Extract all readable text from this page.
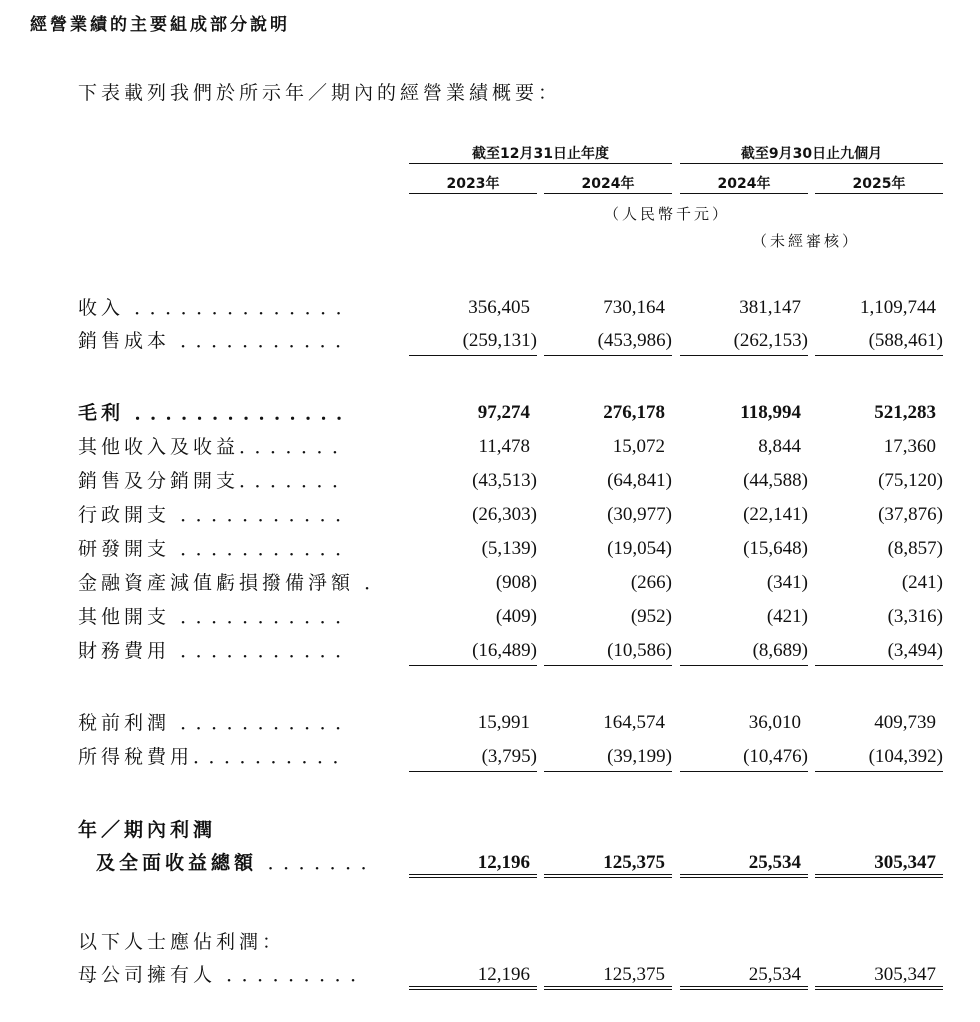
經營業績的主要組成部分說明
下表載列我們於所示年／期內的經營業績概要：
截至12月31日止年度	截至9月30日止九個月
2023年	2024年	2024年	2025年
（人民幣千元）
（未經審核）
收入 ．．．．．．．．．．．．．．	356,405	730,164	381,147	1,109,744
銷售成本 ．．．．．．．．．．．	(259,131)	(453,986)	(262,153)	(588,461)
毛利 ．．．．．．．．．．．．．．	97,274	276,178	118,994	521,283
其他收入及收益．．．．．．．	11,478	15,072	8,844	17,360
銷售及分銷開支．．．．．．．	(43,513)	(64,841)	(44,588)	(75,120)
行政開支 ．．．．．．．．．．．	(26,303)	(30,977)	(22,141)	(37,876)
研發開支 ．．．．．．．．．．．	(5,139)	(19,054)	(15,648)	(8,857)
金融資產減值虧損撥備淨額 ．	(908)	(266)	(341)	(241)
其他開支 ．．．．．．．．．．．	(409)	(952)	(421)	(3,316)
財務費用 ．．．．．．．．．．．	(16,489)	(10,586)	(8,689)	(3,494)
稅前利潤 ．．．．．．．．．．．	15,991	164,574	36,010	409,739
所得稅費用．．．．．．．．．．	(3,795)	(39,199)	(10,476)	(104,392)
年／期內利潤
及全面收益總額 ．．．．．．．	12,196	125,375	25,534	305,347
以下人士應佔利潤：
母公司擁有人 ．．．．．．．．．	12,196	125,375	25,534	305,347
